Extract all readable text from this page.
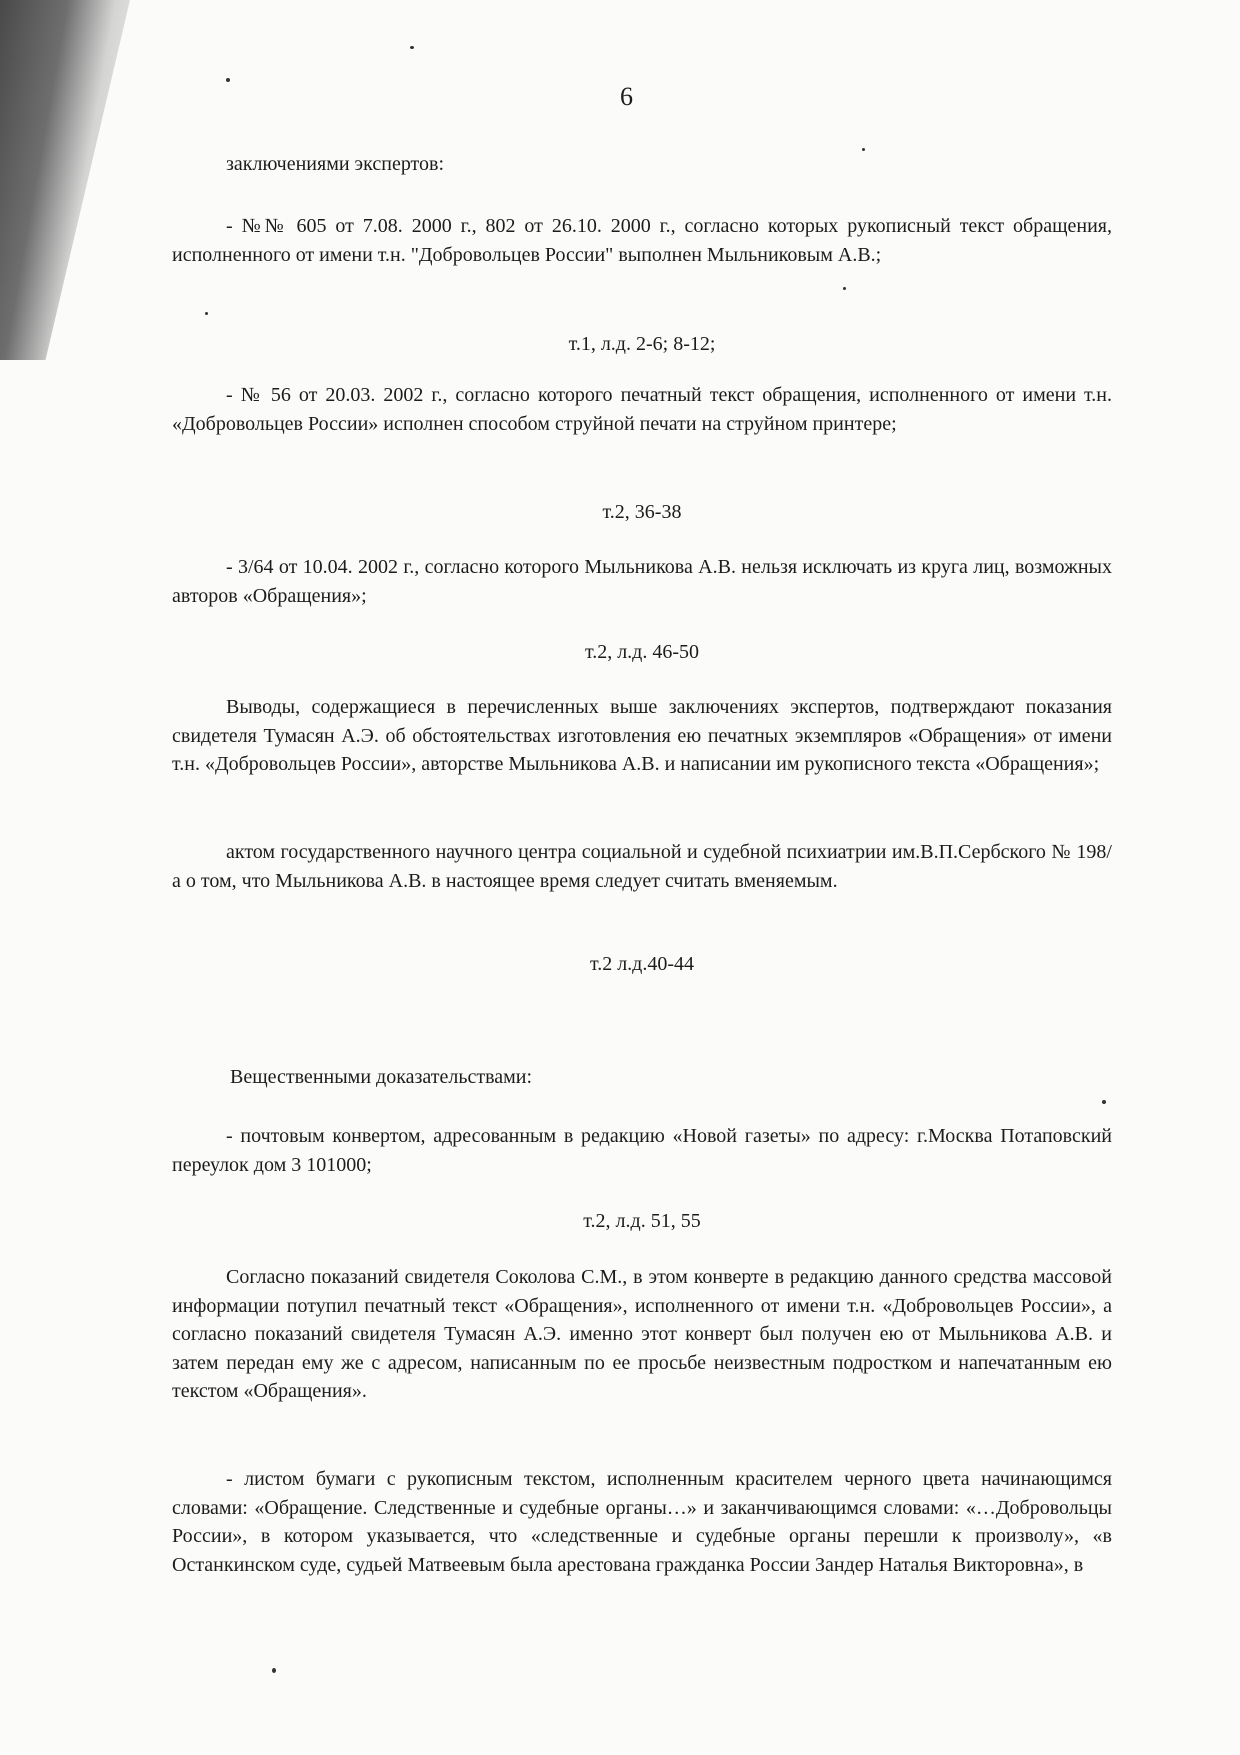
6
заключениями экспертов:
- №№ 605 от 7.08. 2000 г., 802 от 26.10. 2000 г., согласно которых рукописный текст обращения, исполненного от имени т.н. "Добровольцев России" выполнен Мыльниковым А.В.;
т.1, л.д. 2-6; 8-12;
- № 56 от 20.03. 2002 г., согласно которого печатный текст обращения, исполненного от имени т.н. «Добровольцев России» исполнен способом струйной печати на струйном принтере;
т.2, 36-38
- 3/64 от 10.04. 2002 г., согласно которого Мыльникова А.В. нельзя исключать из круга лиц, возможных авторов «Обращения»;
т.2, л.д. 46-50
Выводы, содержащиеся в перечисленных выше заключениях экспертов, подтверждают показания свидетеля Тумасян А.Э. об обстоятельствах изготовления ею печатных экземпляров «Обращения» от имени т.н. «Добровольцев России», авторстве Мыльникова А.В. и написании им рукописного текста «Обращения»;
актом государственного научного центра социальной и судебной психиатрии им.В.П.Сербского № 198/а о том, что Мыльникова А.В. в настоящее время следует считать вменяемым.
т.2 л.д.40-44
Вещественными доказательствами:
- почтовым конвертом, адресованным в редакцию «Новой газеты» по адресу: г.Москва Потаповский переулок дом 3 101000;
т.2, л.д. 51, 55
Согласно показаний свидетеля Соколова С.М., в этом конверте в редакцию данного средства массовой информации потупил печатный текст «Обращения», исполненного от имени т.н. «Добровольцев России», а согласно показаний свидетеля Тумасян А.Э. именно этот конверт был получен ею от Мыльникова А.В. и затем передан ему же с адресом, написанным по ее просьбе неизвестным подростком и напечатанным ею текстом «Обращения».
- листом бумаги с рукописным текстом, исполненным красителем черного цвета начинающимся словами: «Обращение. Следственные и судебные органы…» и заканчивающимся словами: «…Добровольцы России», в котором указывается, что «следственные и судебные органы перешли к произволу», «в Останкинском суде, судьей Матвеевым была арестована гражданка России Зандер Наталья Викторовна», в
